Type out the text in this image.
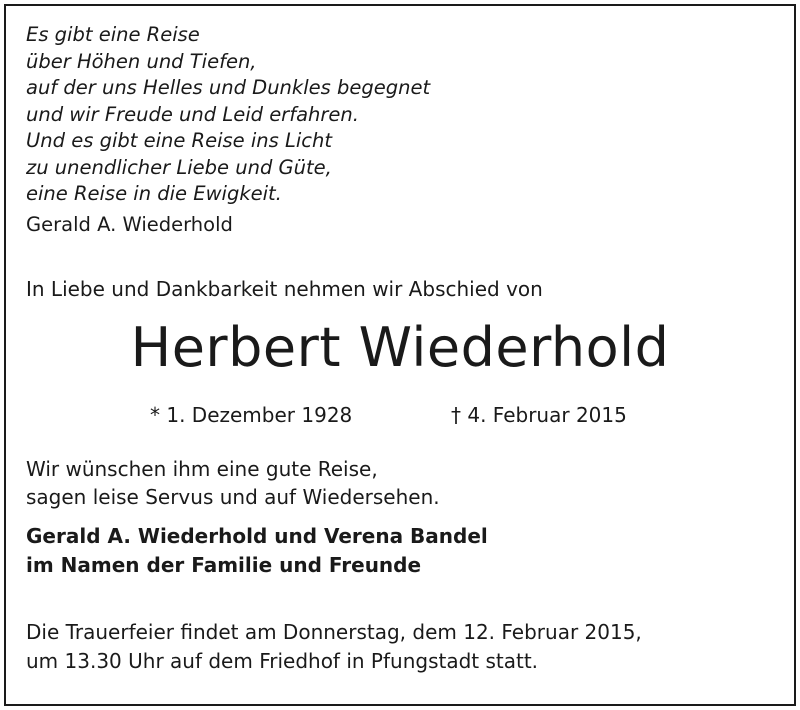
Es gibt eine Reise
über Höhen und Tiefen,
auf der uns Helles und Dunkles begegnet
und wir Freude und Leid erfahren.
Und es gibt eine Reise ins Licht
zu unendlicher Liebe und Güte,
eine Reise in die Ewigkeit.
Gerald A. Wiederhold
In Liebe und Dankbarkeit nehmen wir Abschied von
Herbert Wiederhold
* 1. Dezember 1928	† 4. Februar 2015
Wir wünschen ihm eine gute Reise,
sagen leise Servus und auf Wiedersehen.
Gerald A. Wiederhold und Verena Bandel
im Namen der Familie und Freunde
Die Trauerfeier findet am Donnerstag, dem 12. Februar 2015,
um 13.30 Uhr auf dem Friedhof in Pfungstadt statt.
